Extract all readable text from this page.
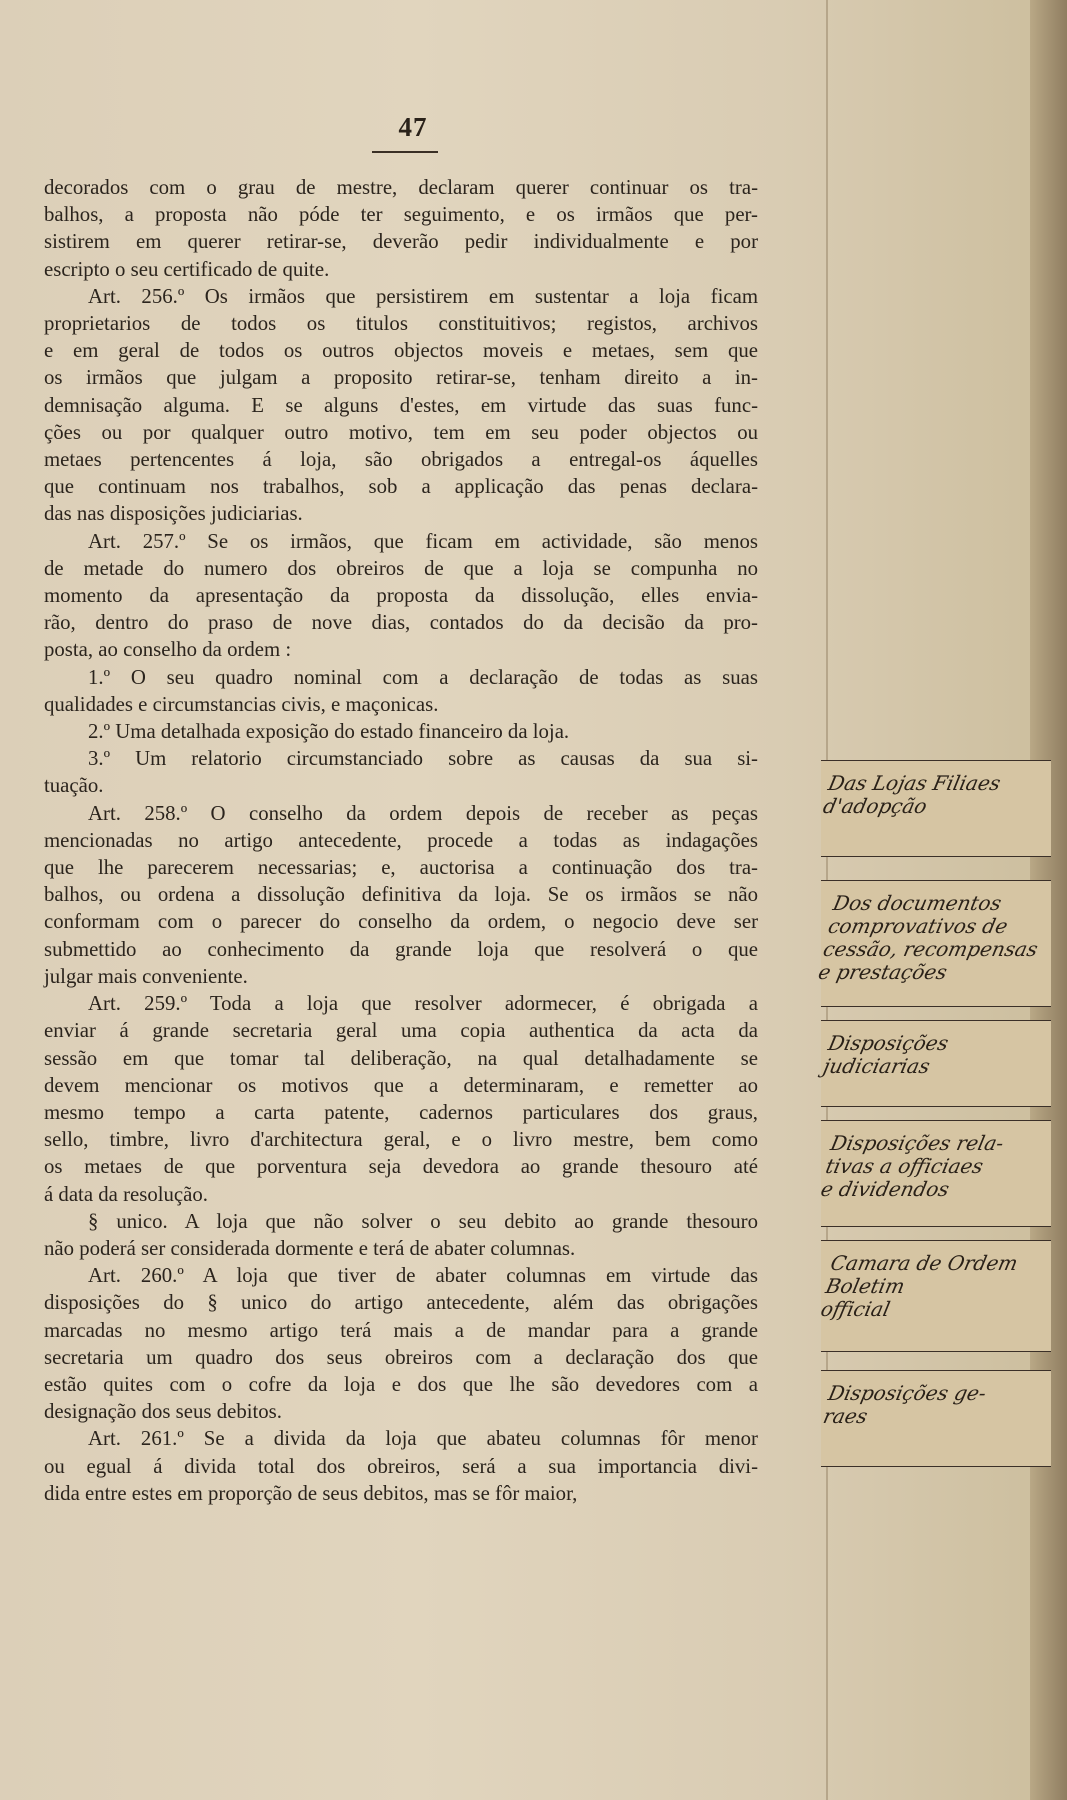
47

decorados com o grau de mestre, declaram querer continuar os tra-
balhos, a proposta não póde ter seguimento, e os irmãos que per-
sistirem em querer retirar-se, deverão pedir individualmente e por
escripto o seu certificado de quite.

Art. 256.º Os irmãos que persistirem em sustentar a loja ficam
proprietarios de todos os titulos constituitivos; registos, archivos
e em geral de todos os outros objectos moveis e metaes, sem que
os irmãos que julgam a proposito retirar-se, tenham direito a in-
demnisação alguma. E se alguns d'estes, em virtude das suas func-
ções ou por qualquer outro motivo, tem em seu poder objectos ou
metaes pertencentes á loja, são obrigados a entregal-os áquelles
que continuam nos trabalhos, sob a applicação das penas declara-
das nas disposições judiciarias.

Art. 257.º Se os irmãos, que ficam em actividade, são menos
de metade do numero dos obreiros de que a loja se compunha no
momento da apresentação da proposta da dissolução, elles envia-
rão, dentro do praso de nove dias, contados do da decisão da pro-
posta, ao conselho da ordem :

1.º O seu quadro nominal com a declaração de todas as suas
qualidades e circumstancias civis, e maçonicas.

2.º Uma detalhada exposição do estado financeiro da loja.

3.º Um relatorio circumstanciado sobre as causas da sua si-
tuação.

Art. 258.º O conselho da ordem depois de receber as peças
mencionadas no artigo antecedente, procede a todas as indagações
que lhe parecerem necessarias; e, auctorisa a continuação dos tra-
balhos, ou ordena a dissolução definitiva da loja. Se os irmãos se não
conformam com o parecer do conselho da ordem, o negocio deve ser
submettido ao conhecimento da grande loja que resolverá o que
julgar mais conveniente.

Art. 259.º Toda a loja que resolver adormecer, é obrigada a
enviar á grande secretaria geral uma copia authentica da acta da
sessão em que tomar tal deliberação, na qual detalhadamente se
devem mencionar os motivos que a determinaram, e remetter ao
mesmo tempo a carta patente, cadernos particulares dos graus,
sello, timbre, livro d'architectura geral, e o livro mestre, bem como
os metaes de que porventura seja devedora ao grande thesouro até
á data da resolução.

§ unico. A loja que não solver o seu debito ao grande thesouro
não poderá ser considerada dormente e terá de abater columnas.

Art. 260.º A loja que tiver de abater columnas em virtude das
disposições do § unico do artigo antecedente, além das obrigações
marcadas no mesmo artigo terá mais a de mandar para a grande
secretaria um quadro dos seus obreiros com a declaração dos que
estão quites com o cofre da loja e dos que lhe são devedores com a
designação dos seus debitos.

Art. 261.º Se a divida da loja que abateu columnas fôr menor
ou egual á divida total dos obreiros, será a sua importancia divi-
dida entre estes em proporção de seus debitos, mas se fôr maior,

Das Lojas Filiaes d'adopção
Dos documentos
comprovativos de
cessão, recompensas
e prestações
Disposições
judiciarias
Disposições rela-
tivas a officiaes
e dividendos
Camara de Ordem
Boletim
official
Disposições ge-
raes
